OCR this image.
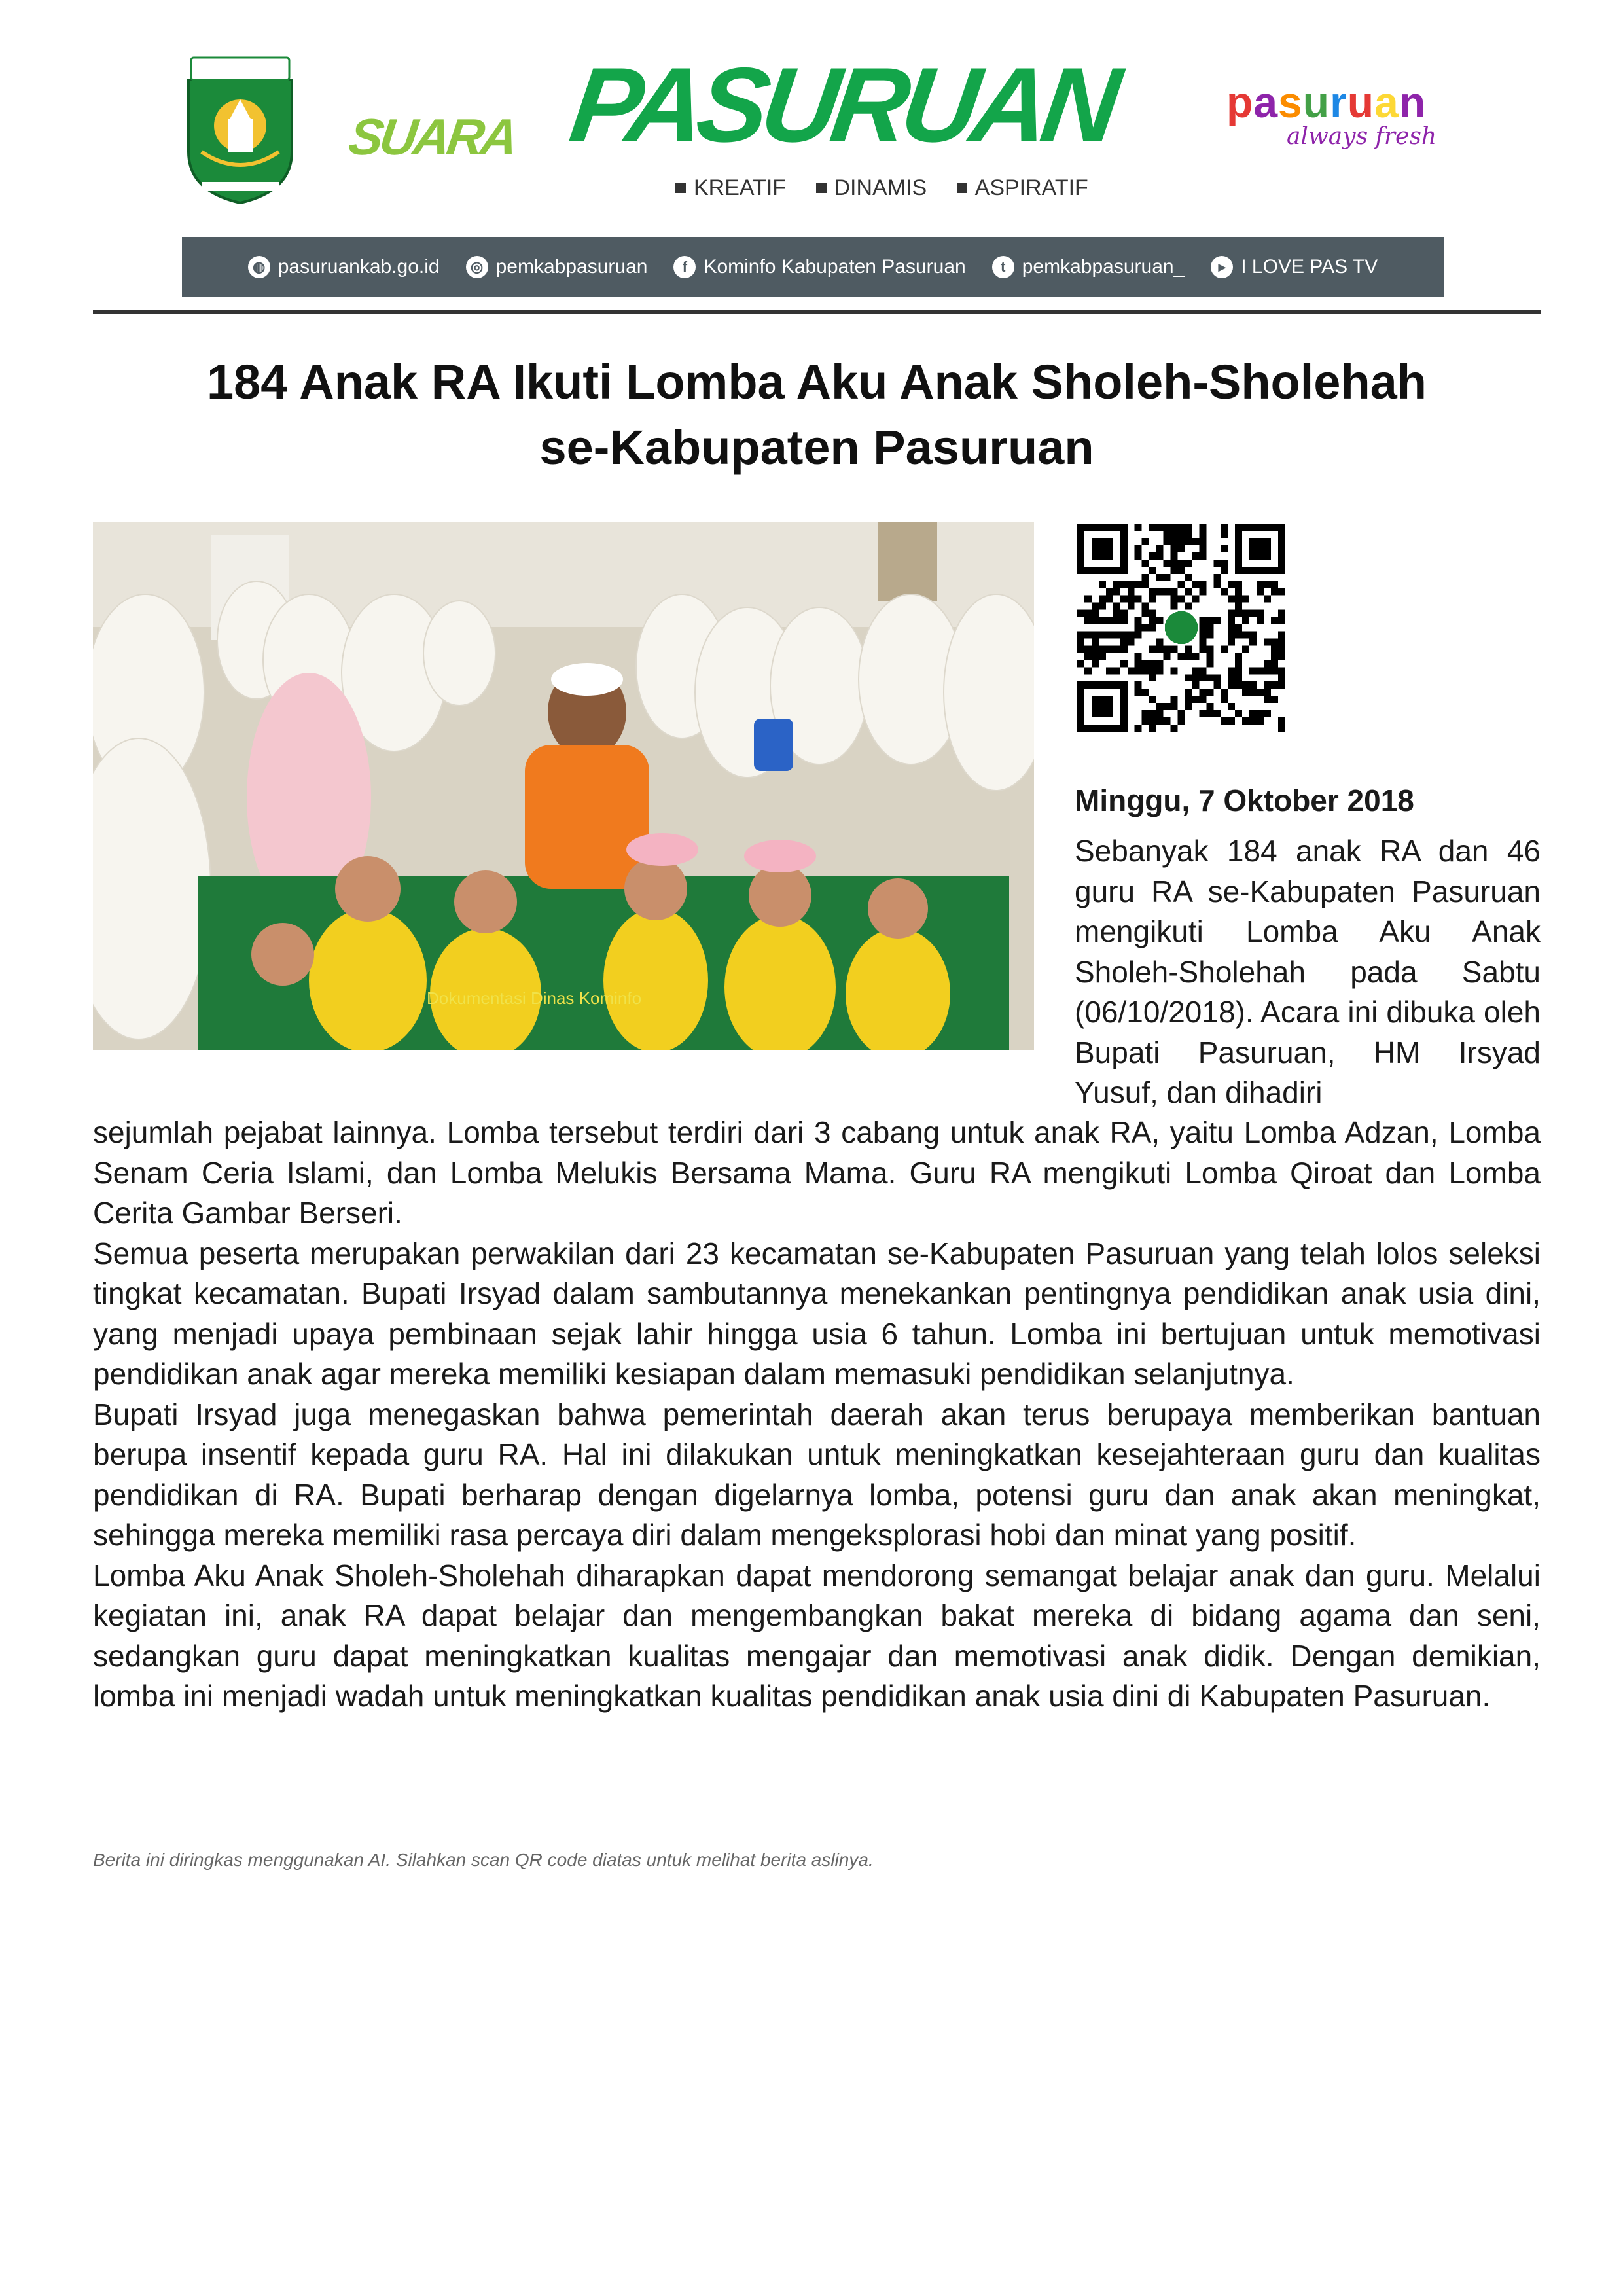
SUARA PASURUAN
KREATIF DINAMIS ASPIRATIF
pasuruan
always fresh
◍ pasuruankab.go.id	◎ pemkabpasuruan	f Kominfo Kabupaten Pasuruan	t pemkabpasuruan_	▸ I LOVE PAS TV
184 Anak RA Ikuti Lomba Aku Anak Sholeh-Sholehah
se-Kabupaten Pasuruan
Dokumentasi Dinas Kominfo
Minggu, 7 Oktober 2018
Sebanyak 184 anak RA dan 46 guru RA se-Kabupaten Pasuruan mengikuti Lomba Aku Anak Sholeh-Sholehah pada Sabtu (06/10/2018). Acara ini dibuka oleh Bupati Pasuruan, HM Irsyad Yusuf, dan dihadiri

sejumlah pejabat lainnya. Lomba tersebut terdiri dari 3 cabang untuk anak RA, yaitu Lomba Adzan, Lomba Senam Ceria Islami, dan Lomba Melukis Bersama Mama. Guru RA mengikuti Lomba Qiroat dan Lomba Cerita Gambar Berseri.

Semua peserta merupakan perwakilan dari 23 kecamatan se-Kabupaten Pasuruan yang telah lolos seleksi tingkat kecamatan. Bupati Irsyad dalam sambutannya menekankan pentingnya pendidikan anak usia dini, yang menjadi upaya pembinaan sejak lahir hingga usia 6 tahun. Lomba ini bertujuan untuk memotivasi pendidikan anak agar mereka memiliki kesiapan dalam memasuki pendidikan selanjutnya.

Bupati Irsyad juga menegaskan bahwa pemerintah daerah akan terus berupaya memberikan bantuan berupa insentif kepada guru RA. Hal ini dilakukan untuk meningkatkan kesejahteraan guru dan kualitas pendidikan di RA. Bupati berharap dengan digelarnya lomba, potensi guru dan anak akan meningkat, sehingga mereka memiliki rasa percaya diri dalam mengeksplorasi hobi dan minat yang positif.

Lomba Aku Anak Sholeh-Sholehah diharapkan dapat mendorong semangat belajar anak dan guru. Melalui kegiatan ini, anak RA dapat belajar dan mengembangkan bakat mereka di bidang agama dan seni, sedangkan guru dapat meningkatkan kualitas mengajar dan memotivasi anak didik. Dengan demikian, lomba ini menjadi wadah untuk meningkatkan kualitas pendidikan anak usia dini di Kabupaten Pasuruan.

Berita ini diringkas menggunakan AI. Silahkan scan QR code diatas untuk melihat berita aslinya.
